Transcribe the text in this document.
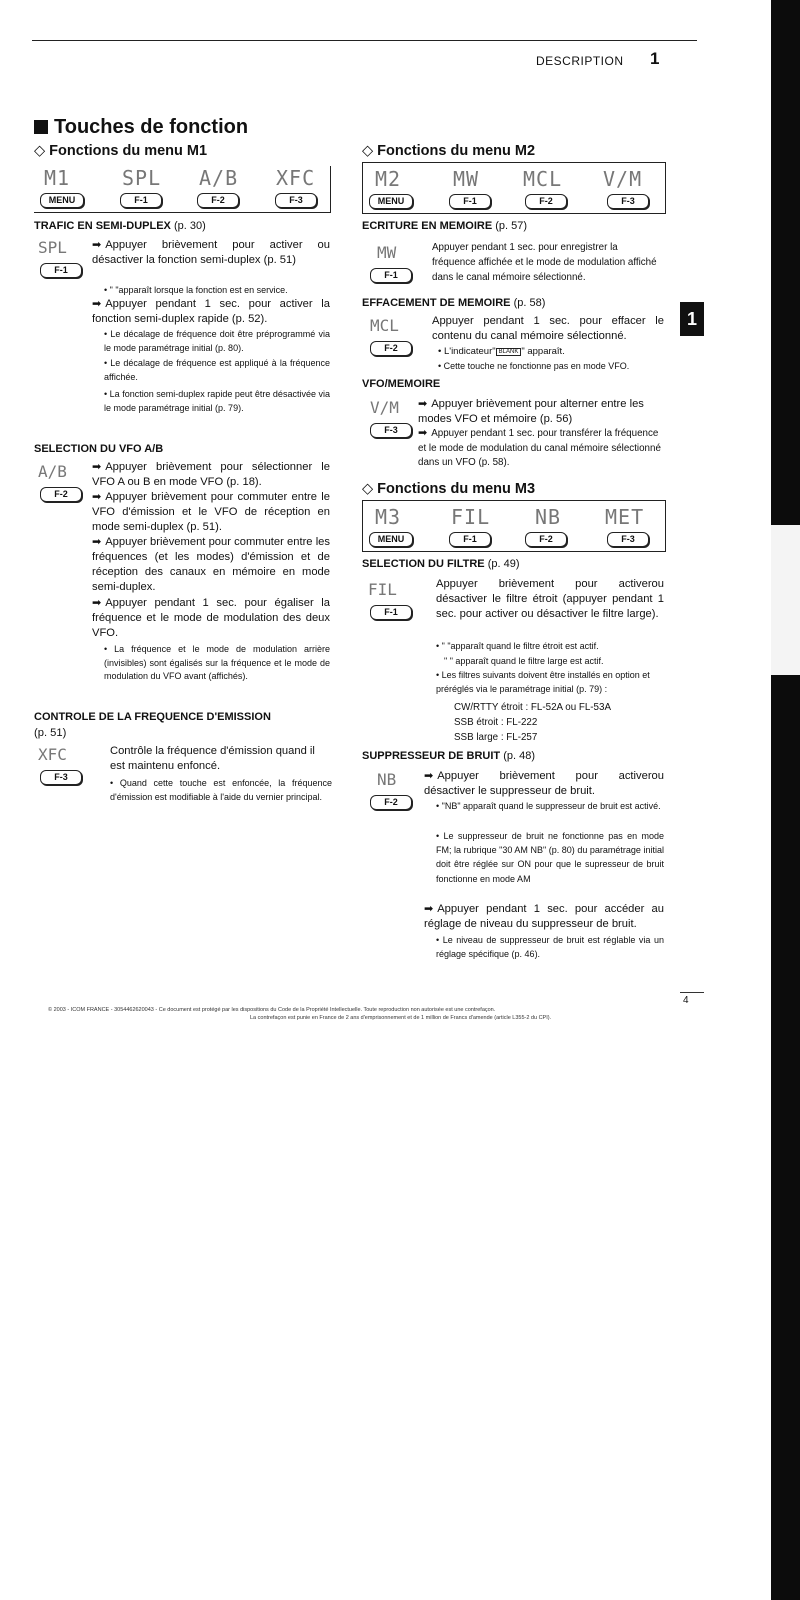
DESCRIPTION 1
1
Touches de fonction
◇ Fonctions du menu M1
M1	SPL A/B XFC
MENU	F-1	F-2	F-3
TRAFIC EN SEMI-DUPLEX (p. 30)
SPL
F-1
➡ Appuyer brièvement pour activer ou désactiver la fonction semi-duplex (p. 51)
• " "apparaît lorsque la fonction est en service.
➡ Appuyer pendant 1 sec. pour activer la fonction semi-duplex rapide (p. 52).
• Le décalage de fréquence doit être préprogrammé via le mode paramétrage initial (p. 80).
• Le décalage de fréquence est appliqué à la fréquence affichée.
• La fonction semi-duplex rapide peut être désactivée via le mode paramétrage initial (p. 79).
SELECTION DU VFO A/B
A/B
F-2
➡ Appuyer brièvement pour sélectionner le VFO A ou B en mode VFO (p. 18).
➡ Appuyer brièvement pour commuter entre le VFO d'émission et le VFO de réception en mode semi-duplex (p. 51).
➡ Appuyer brièvement pour commuter entre les fréquences (et les modes) d'émission et de réception des canaux en mémoire en mode semi-duplex.
➡ Appuyer pendant 1 sec. pour égaliser la fréquence et le mode de modulation des deux VFO.
• La fréquence et le mode de modulation arrière (invisibles) sont égalisés sur la fréquence et le mode de modulation du VFO avant (affichés).
CONTROLE DE LA FREQUENCE D'EMISSION
(p. 51)
XFC
F-3
Contrôle la fréquence d'émission quand il est maintenu enfoncé.
• Quand cette touche est enfoncée, la fréquence d'émission est modifiable à l'aide du vernier principal.
◇ Fonctions du menu M2
M2	MW MCL V/M
MENU	F-1	F-2	F-3
ECRITURE EN MEMOIRE (p. 57)
MW
F-1
Appuyer pendant 1 sec. pour enregistrer la fréquence affichée et le mode de modulation affiché dans le canal mémoire sélectionné.
EFFACEMENT DE MEMOIRE (p. 58)
MCL
F-2
Appuyer pendant 1 sec. pour effacer le contenu du canal mémoire sélectionné.
• L'indicateur" BLANK " apparaît.
• Cette touche ne fonctionne pas en mode VFO.
VFO/MEMOIRE
V/M
F-3
➡ Appuyer brièvement pour alterner entre les modes VFO et mémoire (p. 56)
➡ Appuyer pendant 1 sec. pour transférer la fréquence et le mode de modulation du canal mémoire sélectionné dans un VFO (p. 58).
◇ Fonctions du menu M3
M3 FIL NB MET
MENU	F-1	F-2	F-3
SELECTION DU FILTRE (p. 49)
FIL
F-1
Appuyer brièvement pour activerou désactiver le filtre étroit (appuyer pendant 1 sec. pour activer ou désactiver le filtre large).
• " "apparaît quand le filtre étroit est actif.
" " apparaît quand le filtre large est actif.
• Les filtres suivants doivent être installés en option et préréglés via le paramétrage initial (p. 79) :
CW/RTTY étroit : FL-52A ou FL-53A
SSB étroit : FL-222
SSB large : FL-257
SUPPRESSEUR DE BRUIT (p. 48)
NB
F-2
➡ Appuyer brièvement pour activerou désactiver le suppresseur de bruit.
• "NB" apparaît quand le suppresseur de bruit est activé.
• Le suppresseur de bruit ne fonctionne pas en mode FM; la rubrique "30 AM NB" (p. 80) du paramétrage initial doit être réglée sur ON pour que le supresseur de bruit fonctionne en mode AM
➡ Appuyer pendant 1 sec. pour accéder au réglage de niveau du suppresseur de bruit.
• Le niveau de suppresseur de bruit est réglable via un réglage spécifique (p. 46).
4
© 2003 - ICOM FRANCE - 3054462620043 - Ce document est protégé par les dispositions du Code de la Propriété Intellectuelle. Toute reproduction non autorisée est une contrefaçon.
La contrefaçon est punie en France de 2 ans d'emprisonnement et de 1 million de Francs d'amende (article L355-2 du CPI).
